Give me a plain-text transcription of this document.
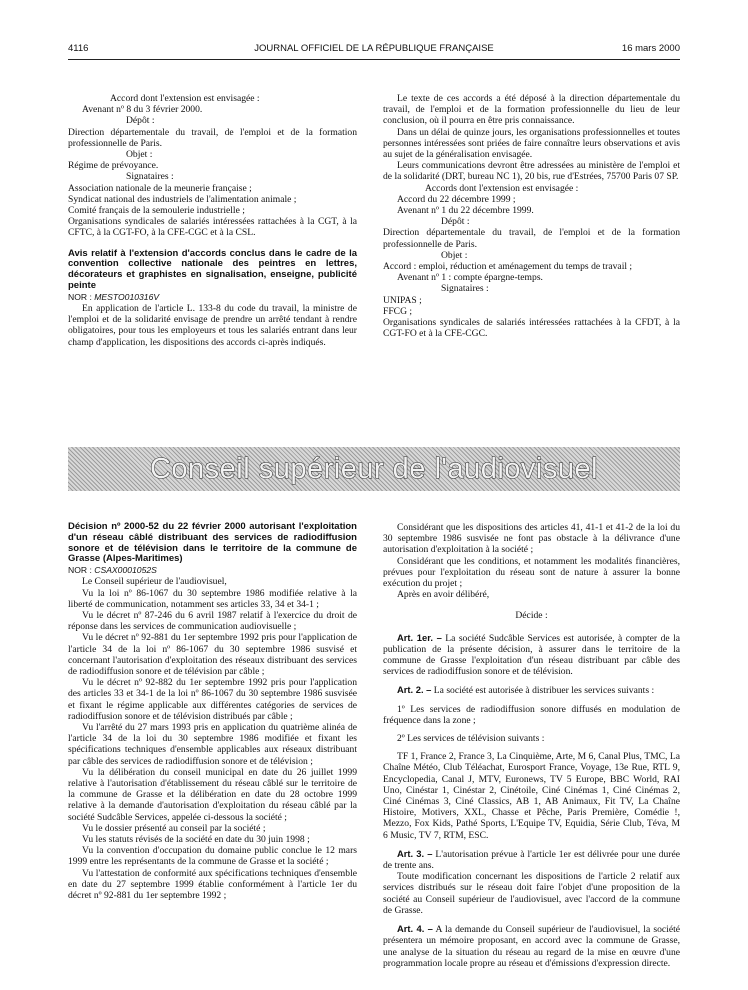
4116	JOURNAL OFFICIEL DE LA RÉPUBLIQUE FRANÇAISE	16 mars 2000

Accord dont l'extension est envisagée :

Avenant nº 8 du 3 février 2000.

Dépôt :

Direction départementale du travail, de l'emploi et de la formation professionnelle de Paris.

Objet :

Régime de prévoyance.

Signataires :

Association nationale de la meunerie française ;

Syndicat national des industriels de l'alimentation animale ;

Comité français de la semoulerie industrielle ;

Organisations syndicales de salariés intéressées rattachées à la CGT, à la CFTC, à la CGT-FO, à la CFE-CGC et à la CSL.

Avis relatif à l'extension d'accords conclus dans le cadre de la convention collective nationale des peintres en lettres, décorateurs et graphistes en signalisation, enseigne, publicité peinte

NOR : MESTO010316V

En application de l'article L. 133-8 du code du travail, la ministre de l'emploi et de la solidarité envisage de prendre un arrêté tendant à rendre obligatoires, pour tous les employeurs et tous les salariés entrant dans leur champ d'application, les dispositions des accords ci-après indiqués.

Le texte de ces accords a été déposé à la direction départementale du travail, de l'emploi et de la formation professionnelle du lieu de leur conclusion, où il pourra en être pris connaissance.

Dans un délai de quinze jours, les organisations professionnelles et toutes personnes intéressées sont priées de faire connaître leurs observations et avis au sujet de la généralisation envisagée.

Leurs communications devront être adressées au ministère de l'emploi et de la solidarité (DRT, bureau NC 1), 20 bis, rue d'Estrées, 75700 Paris 07 SP.

Accords dont l'extension est envisagée :

Accord du 22 décembre 1999 ;

Avenant nº 1 du 22 décembre 1999.

Dépôt :

Direction départementale du travail, de l'emploi et de la formation professionnelle de Paris.

Objet :

Accord : emploi, réduction et aménagement du temps de travail ;

Avenant nº 1 : compte épargne-temps.

Signataires :

UNIPAS ;

FFCG ;

Organisations syndicales de salariés intéressées rattachées à la CFDT, à la CGT-FO et à la CFE-CGC.

Conseil supérieur de l'audiovisuel

Décision nº 2000-52 du 22 février 2000 autorisant l'exploitation d'un réseau câblé distribuant des services de radiodiffusion sonore et de télévision dans le territoire de la commune de Grasse (Alpes-Maritimes)

NOR : CSAX0001052S

Le Conseil supérieur de l'audiovisuel,

Vu la loi nº 86-1067 du 30 septembre 1986 modifiée relative à la liberté de communication, notamment ses articles 33, 34 et 34-1 ;

Vu le décret nº 87-246 du 6 avril 1987 relatif à l'exercice du droit de réponse dans les services de communication audiovisuelle ;

Vu le décret nº 92-881 du 1er septembre 1992 pris pour l'application de l'article 34 de la loi nº 86-1067 du 30 septembre 1986 susvisé et concernant l'autorisation d'exploitation des réseaux distribuant des services de radiodiffusion sonore et de télévision par câble ;

Vu le décret nº 92-882 du 1er septembre 1992 pris pour l'application des articles 33 et 34-1 de la loi nº 86-1067 du 30 septembre 1986 susvisée et fixant le régime applicable aux différentes catégories de services de radiodiffusion sonore et de télévision distribués par câble ;

Vu l'arrêté du 27 mars 1993 pris en application du quatrième alinéa de l'article 34 de la loi du 30 septembre 1986 modifiée et fixant les spécifications techniques d'ensemble applicables aux réseaux distribuant par câble des services de radiodiffusion sonore et de télévision ;

Vu la délibération du conseil municipal en date du 26 juillet 1999 relative à l'autorisation d'établissement du réseau câblé sur le territoire de la commune de Grasse et la délibération en date du 28 octobre 1999 relative à la demande d'autorisation d'exploitation du réseau câblé par la société Sudcâble Services, appelée ci-dessous la société ;

Vu le dossier présenté au conseil par la société ;

Vu les statuts révisés de la société en date du 30 juin 1998 ;

Vu la convention d'occupation du domaine public conclue le 12 mars 1999 entre les représentants de la commune de Grasse et la société ;

Vu l'attestation de conformité aux spécifications techniques d'ensemble en date du 27 septembre 1999 établie conformément à l'article 1er du décret nº 92-881 du 1er septembre 1992 ;

Considérant que les dispositions des articles 41, 41-1 et 41-2 de la loi du 30 septembre 1986 susvisée ne font pas obstacle à la délivrance d'une autorisation d'exploitation à la société ;

Considérant que les conditions, et notamment les modalités financières, prévues pour l'exploitation du réseau sont de nature à assurer la bonne exécution du projet ;

Après en avoir délibéré,

Décide :

Art. 1er. – La société Sudcâble Services est autorisée, à compter de la publication de la présente décision, à assurer dans le territoire de la commune de Grasse l'exploitation d'un réseau distribuant par câble des services de radiodiffusion sonore et de télévision.

Art. 2. – La société est autorisée à distribuer les services suivants :

1º Les services de radiodiffusion sonore diffusés en modulation de fréquence dans la zone ;

2º Les services de télévision suivants :

TF 1, France 2, France 3, La Cinquième, Arte, M 6, Canal Plus, TMC, La Chaîne Météo, Club Téléachat, Eurosport France, Voyage, 13e Rue, RTL 9, Encyclopedia, Canal J, MTV, Euronews, TV 5 Europe, BBC World, RAI Uno, Cinéstar 1, Cinéstar 2, Cinétoile, Ciné Cinémas 1, Ciné Cinémas 2, Ciné Cinémas 3, Ciné Classics, AB 1, AB Animaux, Fit TV, La Chaîne Histoire, Motivers, XXL, Chasse et Pêche, Paris Première, Comédie !, Mezzo, Fox Kids, Pathé Sports, L'Equipe TV, Equidia, Série Club, Téva, M 6 Music, TV 7, RTM, ESC.

Art. 3. – L'autorisation prévue à l'article 1er est délivrée pour une durée de trente ans.

Toute modification concernant les dispositions de l'article 2 relatif aux services distribués sur le réseau doit faire l'objet d'une proposition de la société au Conseil supérieur de l'audiovisuel, avec l'accord de la commune de Grasse.

Art. 4. – A la demande du Conseil supérieur de l'audiovisuel, la société présentera un mémoire proposant, en accord avec la commune de Grasse, une analyse de la situation du réseau au regard de la mise en œuvre d'une programmation locale propre au réseau et d'émissions d'expression directe.
